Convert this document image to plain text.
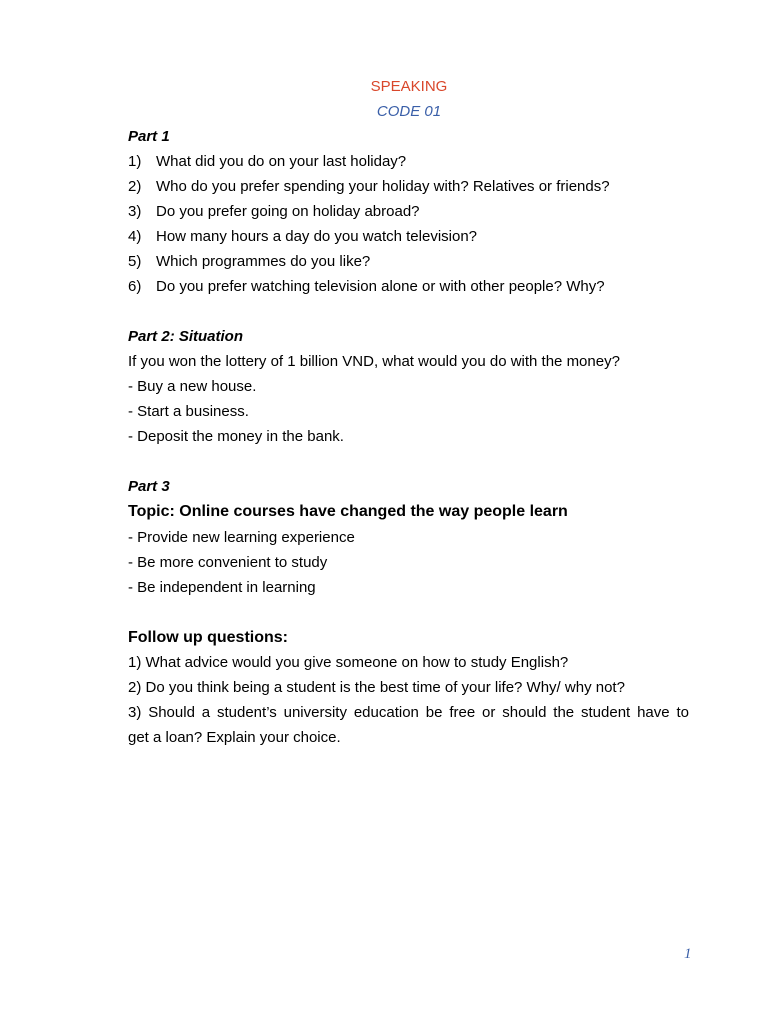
SPEAKING
CODE 01
Part 1
1) What did you do on your last holiday?
2) Who do you prefer spending your holiday with? Relatives or friends?
3) Do you prefer going on holiday abroad?
4) How many hours a day do you watch television?
5) Which programmes do you like?
6) Do you prefer watching television alone or with other people? Why?
Part 2: Situation
If you won the lottery of 1 billion VND, what would you do with the money?
- Buy a new house.
- Start a business.
- Deposit the money in the bank.
Part 3
Topic: Online courses have changed the way people learn
- Provide new learning experience
- Be more convenient to study
- Be independent in learning
Follow up questions:
1) What advice would you give someone on how to study English?
2) Do you think being a student is the best time of your life? Why/ why not?
3) Should a student’s university education be free or should the student have to
get a loan? Explain your choice.
1
